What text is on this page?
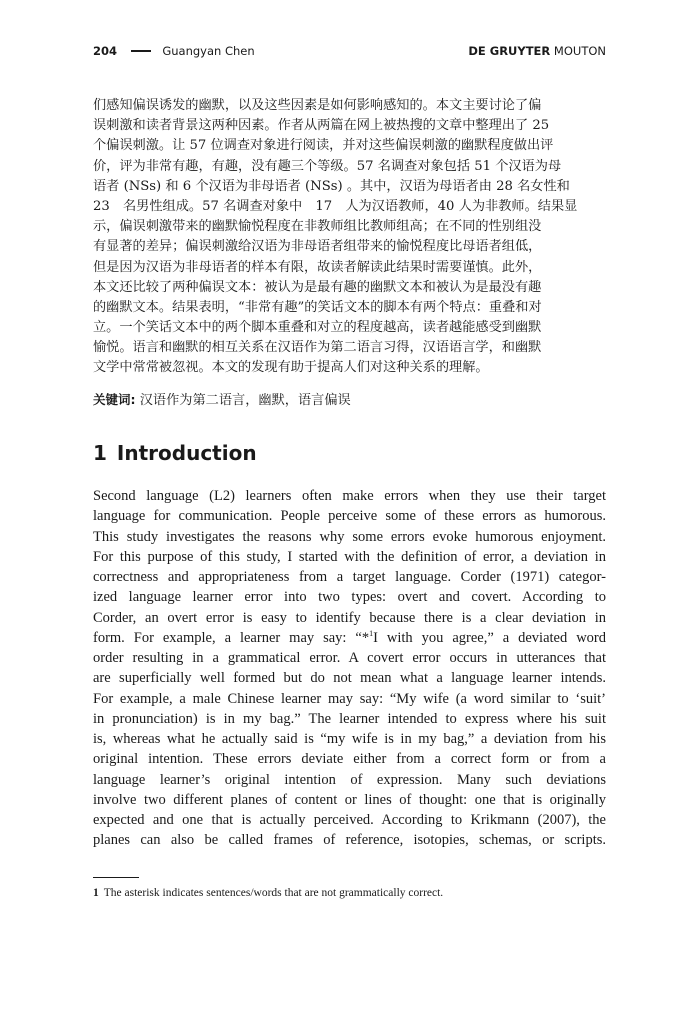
204	Guangyan Chen	DE GRUYTER MOUTON
们感知偏误诱发的幽默，以及这些因素是如何影响感知的。本文主要讨论了偏
误刺激和读者背景这两种因素。作者从两篇在网上被热搜的文章中整理出了 25
个偏误刺激。让 57 位调查对象进行阅读，并对这些偏误刺激的幽默程度做出评
价，评为非常有趣，有趣，没有趣三个等级。57 名调查对象包括 51 个汉语为母
语者 (NSs) 和 6 个汉语为非母语者 (NSs) 。其中，汉语为母语者由 28 名女性和
23　名男性组成。57 名调查对象中　17　人为汉语教师，40 人为非教师。结果显
示，偏误刺激带来的幽默愉悦程度在非教师组比教师组高；在不同的性别组没
有显著的差异；偏误刺激给汉语为非母语者组带来的愉悦程度比母语者组低，
但是因为汉语为非母语者的样本有限，故读者解读此结果时需要谨慎。此外，
本文还比较了两种偏误文本：被认为是最有趣的幽默文本和被认为是最没有趣
的幽默文本。结果表明，“非常有趣”的笑话文本的脚本有两个特点：重叠和对
立。一个笑话文本中的两个脚本重叠和对立的程度越高，读者越能感受到幽默
愉悦。语言和幽默的相互关系在汉语作为第二语言习得，汉语语言学，和幽默
文学中常常被忽视。本文的发现有助于提高人们对这种关系的理解。
关键词: 汉语作为第二语言，幽默，语言偏误
1 Introduction
Second language (L2) learners often make errors when they use their target
language for communication. People perceive some of these errors as humorous.
This study investigates the reasons why some errors evoke humorous enjoyment.
For this purpose of this study, I started with the definition of error, a deviation in
correctness and appropriateness from a target language. Corder (1971) categor-
ized language learner error into two types: overt and covert. According to
Corder, an overt error is easy to identify because there is a clear deviation in
form. For example, a learner may say: “*$^1$I with you agree,” a deviated word
order resulting in a grammatical error. A covert error occurs in utterances that
are superficially well formed but do not mean what a language learner intends.
For example, a male Chinese learner may say: “My wife (a word similar to ‘suit’
in pronunciation) is in my bag.” The learner intended to express where his suit
is, whereas what he actually said is “my wife is in my bag,” a deviation from his
original intention. These errors deviate either from a correct form or from a
language learner’s original intention of expression. Many such deviations
involve two different planes of content or lines of thought: one that is originally
expected and one that is actually perceived. According to Krikmann (2007), the
planes can also be called frames of reference, isotopies, schemas, or scripts.
1 The asterisk indicates sentences/words that are not grammatically correct.
